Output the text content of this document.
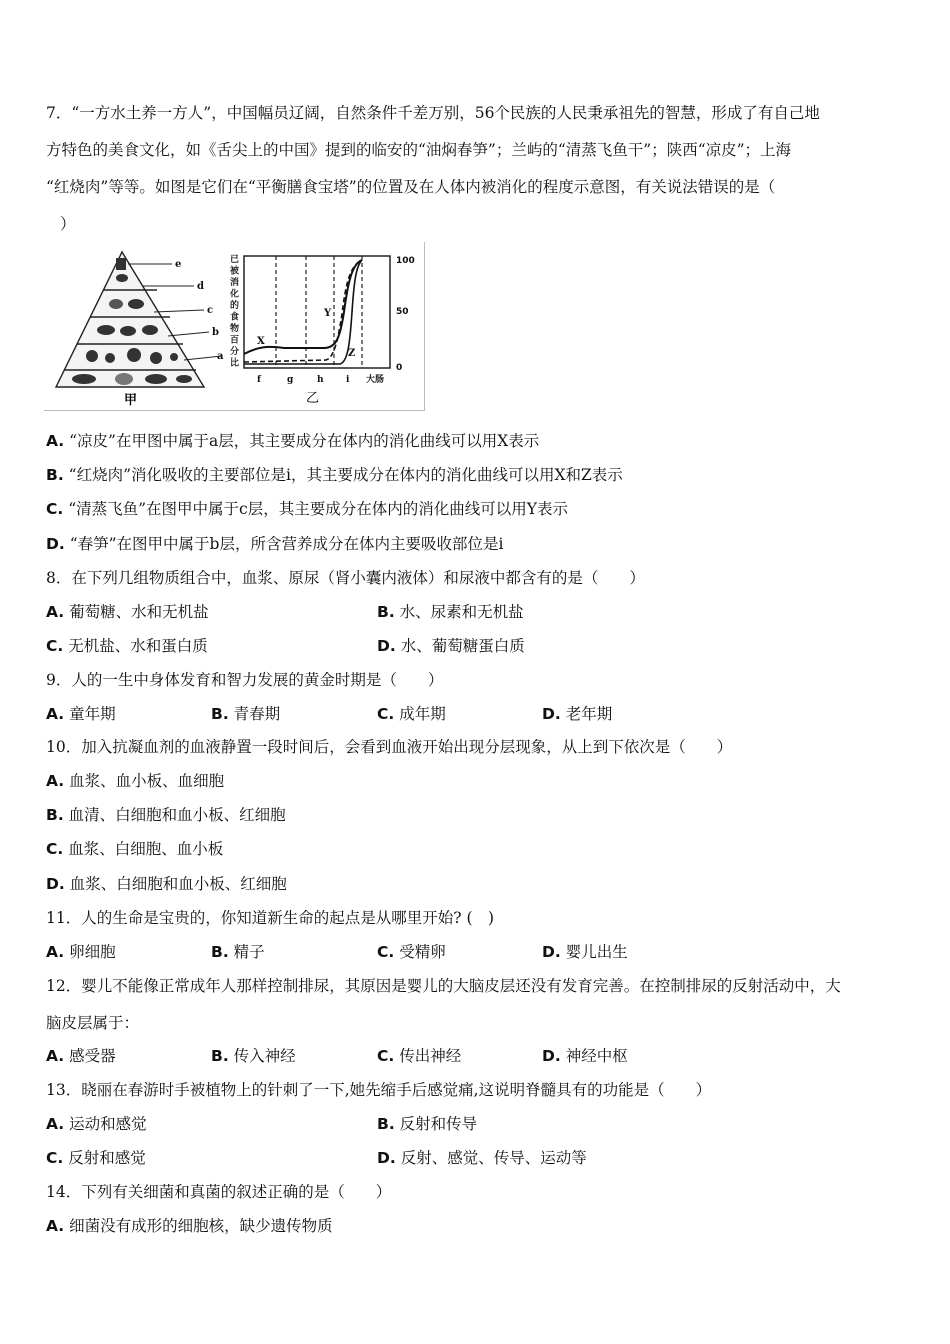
7．“一方水土养一方人”，中国幅员辽阔，自然条件千差万别，56个民族的人民秉承祖先的智慧，形成了有自己地
方特色的美食文化，如《舌尖上的中国》提到的临安的“油焖春笋”；兰屿的“清蒸飞鱼干”；陕西“凉皮”；上海
“红烧肉”等等。如图是它们在“平衡膳食宝塔”的位置及在人体内被消化的程度示意图，有关说法错误的是（
）
e
d
c
b
a
甲
已
被
消
化
的
食
物
百
分
比
X
Y
Z
100
50
0
f	g	h i 大肠
乙
A. “凉皮”在甲图中属于a层，其主要成分在体内的消化曲线可以用X表示
B. “红烧肉”消化吸收的主要部位是i，其主要成分在体内的消化曲线可以用X和Z表示
C. “清蒸飞鱼”在图甲中属于c层，其主要成分在体内的消化曲线可以用Y表示
D. “春笋”在图甲中属于b层，所含营养成分在体内主要吸收部位是i
8．在下列几组物质组合中，血浆、原尿（肾小囊内液体）和尿液中都含有的是（　　）
A. 葡萄糖、水和无机盐	B. 水、尿素和无机盐
C. 无机盐、水和蛋白质	D. 水、葡萄糖蛋白质
9．人的一生中身体发育和智力发展的黄金时期是（　　）
A. 童年期	B. 青春期	C. 成年期	D. 老年期
10．加入抗凝血剂的血液静置一段时间后，会看到血液开始出现分层现象，从上到下依次是（　　）
A. 血浆、血小板、血细胞
B. 血清、白细胞和血小板、红细胞
C. 血浆、白细胞、血小板
D. 血浆、白细胞和血小板、红细胞
11．人的生命是宝贵的，你知道新生命的起点是从哪里开始? (　)
A. 卵细胞	B. 精子	C. 受精卵	D. 婴儿出生
12．婴儿不能像正常成年人那样控制排尿，其原因是婴儿的大脑皮层还没有发育完善。在控制排尿的反射活动中，大
脑皮层属于：
A. 感受器	B. 传入神经	C. 传出神经	D. 神经中枢
13．晓丽在春游时手被植物上的针刺了一下,她先缩手后感觉痛,这说明脊髓具有的功能是（　　）
A. 运动和感觉	B. 反射和传导
C. 反射和感觉	D. 反射、感觉、传导、运动等
14．下列有关细菌和真菌的叙述正确的是（　　）
A. 细菌没有成形的细胞核，缺少遗传物质
